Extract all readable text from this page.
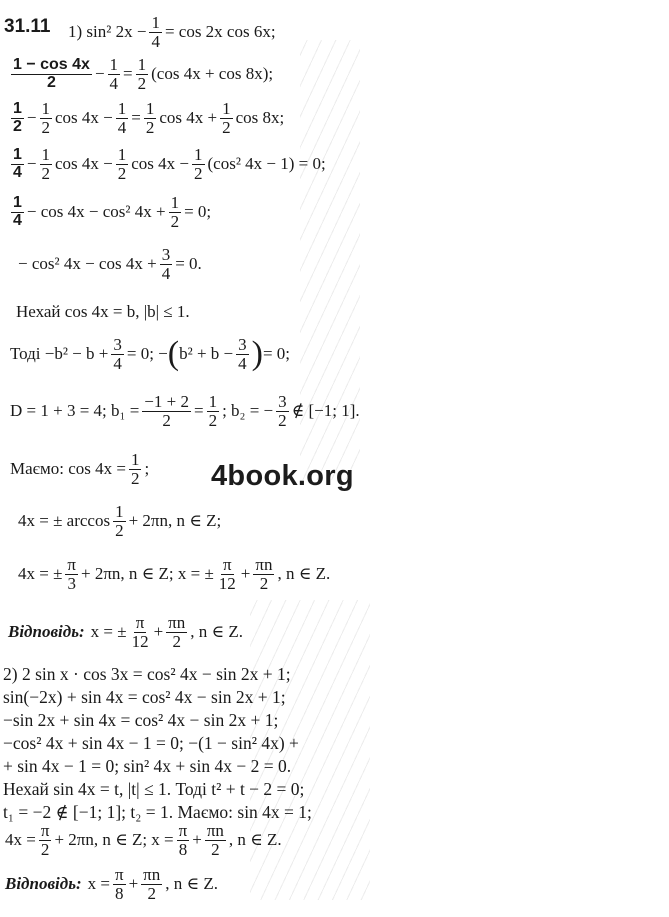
31.11 1) sin² $2x - \frac{1}{4} = \cos 2x$ cos 6x;
$\frac{1 - \cos 4x}{2} - \frac{1}{4} = \frac{1}{2} (\cos$ 4x + cos 8x);
$\frac{1}{2} - \frac{1}{2}$ $\cos 4x - \frac{1}{4} = \frac{1}{2}$ $\cos 4x + \frac{1}{2}$ cos 8x;
$\frac{1}{4} - \frac{1}{2}$ $\cos 4x - \frac{1}{2}$ $\cos 4x - \frac{1}{2} (\cos^2$ 4x − 1) = 0;
$\frac{1}{4} - \cos 4x - \cos^2$ $4x + \frac{1}{2} = 0$;
− cos² $4x - \cos 4x + \frac{3}{4} = 0$.
Нехай cos 4x = b, |b| ≤ 1.
Тоді $-b^2 - b + \frac{3}{4} = 0$; − ( $b^2 + b - \frac{3}{4}$ ) = 0;
D = 1 + 3 = 4; $b_1 = \frac{-1 + 2}{2} = \frac{1}{2}$ ; b₂ = − $\frac{3}{2}$ ∉ [−1; 1].
Маємо: $\cos 4x = \frac{1}{2}$ ; 4book.org
4x = ± $\arccos \frac{1}{2} + 2\pi n$, n ∈ Z;
4x = ± $\frac{\pi}{3} + 2\pi n$, n ∈ Z; x = ± $\frac{\pi}{12} + \frac{\pi n}{2}$ , n ∈ Z.
Відповідь: x = ± $\frac{\pi}{12} + \frac{\pi n}{2}$ , n ∈ Z.
2) 2 sin x · cos 3x = cos² 4x − sin 2x + 1;
sin(−2x) + sin 4x = cos² 4x − sin 2x + 1;
−sin 2x + sin 4x = cos² 4x − sin 2x + 1;
−cos² 4x + sin 4x − 1 = 0; −(1 − sin² 4x) +
+ sin 4x − 1 = 0; sin² 4x + sin 4x − 2 = 0.
Нехай sin 4x = t, |t| ≤ 1. Тоді t² + t − 2 = 0;
t₁ = −2 ∉ [−1; 1]; t₂ = 1. Маємо: sin 4x = 1;
$4x = \frac{\pi}{2} + 2\pi n$, n ∈ Z; $x = \frac{\pi}{8} + \frac{\pi n}{2}$ , n ∈ Z.
Відповідь: $x = \frac{\pi}{8} + \frac{\pi n}{2}$ , n ∈ Z.
